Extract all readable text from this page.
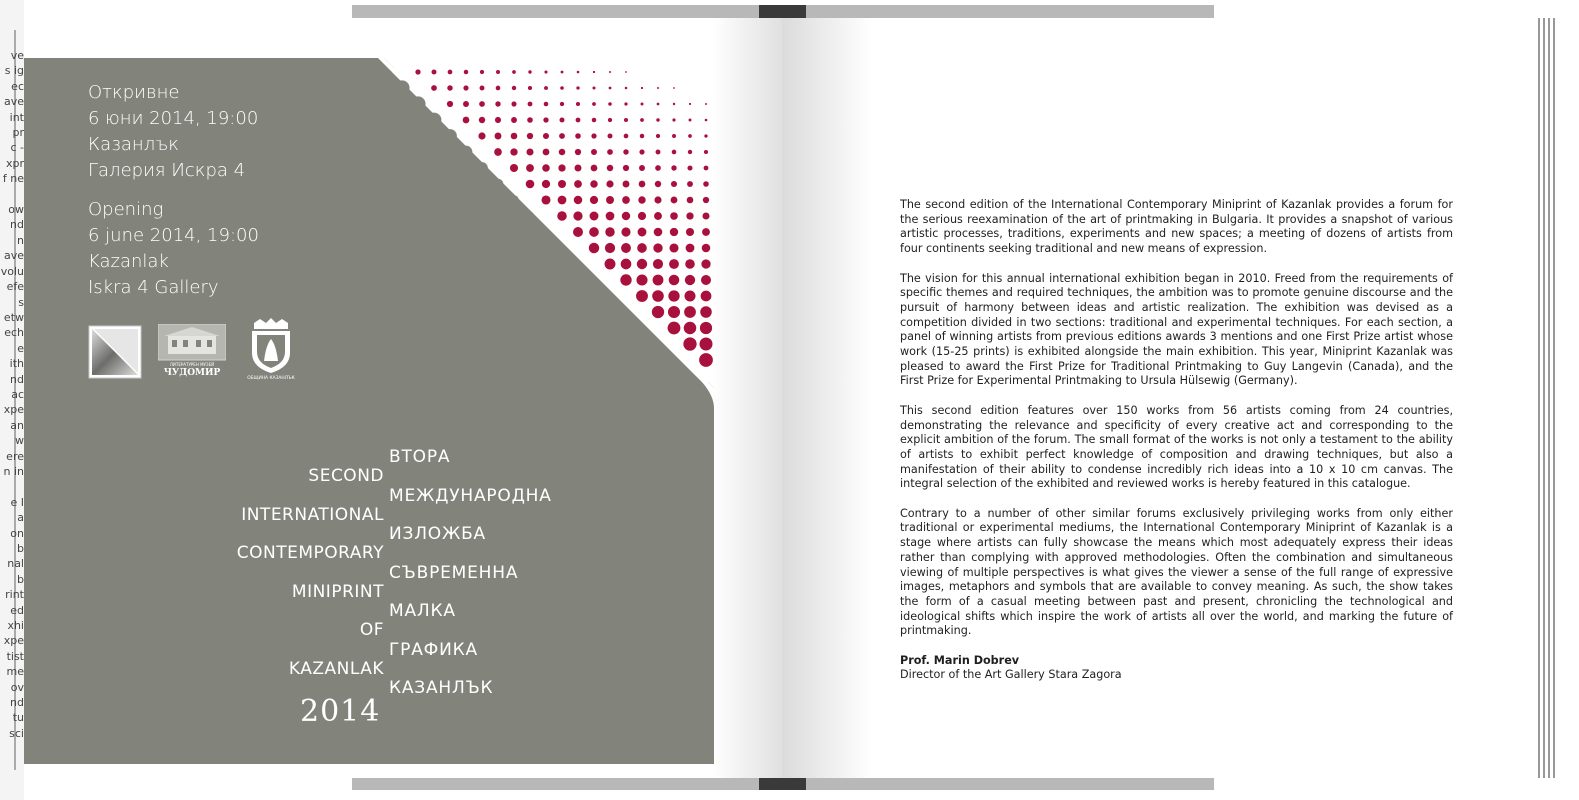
ve
s ig
ec
ave
int
pr
- c
xpr
f ne

ow
nd
n
ave
volu
efe
s
etw
ech
e
ith
nd
ac
xpe
an
w
ere
n in

e I
a
on
b
nal
b
rint
ed
xhi
xpe
tist
me
ov
nd
tu
sci
Откривне
6 юни 2014, 19:00
Казанлък
Галерия Искра 4
Opening
6 june 2014, 19:00
Kazanlak
Iskra 4 Gallery
ЛИТЕРАТУРЕН МУЗЕЙ
ЧУДОМИР
ОБЩИНА КАЗАНЛЪК
SECOND
INTERNATIONAL
CONTEMPORARY
MINIPRINT
OF
KAZANLAK
ВТОРА
МЕЖДУНАРОДНА
ИЗЛОЖБА
СЪВРЕМЕННА
МАЛКА
ГРАФИКА
КАЗАНЛЪК
2014

The second edition of the International Contemporary Miniprint of Kazanlak provides a forum for the serious reexamination of the art of printmaking in Bulgaria. It provides a snapshot of various artistic processes, traditions, experiments and new spaces; a meeting of dozens of artists from four continents seeking traditional and new means of expression.

The vision for this annual international exhibition began in 2010. Freed from the requirements of specific themes and required techniques, the ambition was to promote genuine discourse and the pursuit of harmony between ideas and artistic realization. The exhibition was devised as a competition divided in two sections: traditional and experimental techniques. For each section, a panel of winning artists from previous editions awards 3 mentions and one First Prize artist whose work (15-25 prints) is exhibited alongside the main exhibition. This year, Miniprint Kazanlak was pleased to award the First Prize for Traditional Printmaking to Guy Langevin (Canada), and the First Prize for Experimental Printmaking to Ursula Hülsewig (Germany).

This second edition features over 150 works from 56 artists coming from 24 countries, demonstrating the relevance and specificity of every creative act and corresponding to the explicit ambition of the forum. The small format of the works is not only a testament to the ability of artists to exhibit perfect knowledge of composition and drawing techniques, but also a manifestation of their ability to condense incredibly rich ideas into a 10 x 10 cm canvas. The integral selection of the exhibited and reviewed works is hereby featured in this catalogue.

Contrary to a number of other similar forums exclusively privileging works from only either traditional or experimental mediums, the International Contemporary Miniprint of Kazanlak is a stage where artists can fully showcase the means which most adequately express their ideas rather than complying with approved methodologies. Often the combination and simultaneous viewing of multiple perspectives is what gives the viewer a sense of the full range of expressive images, metaphors and symbols that are available to convey meaning. As such, the show takes the form of a casual meeting between past and present, chronicling the technological and ideological shifts which inspire the work of artists all over the world, and marking the future of printmaking.

Prof. Marin Dobrev
Director of the Art Gallery Stara Zagora
